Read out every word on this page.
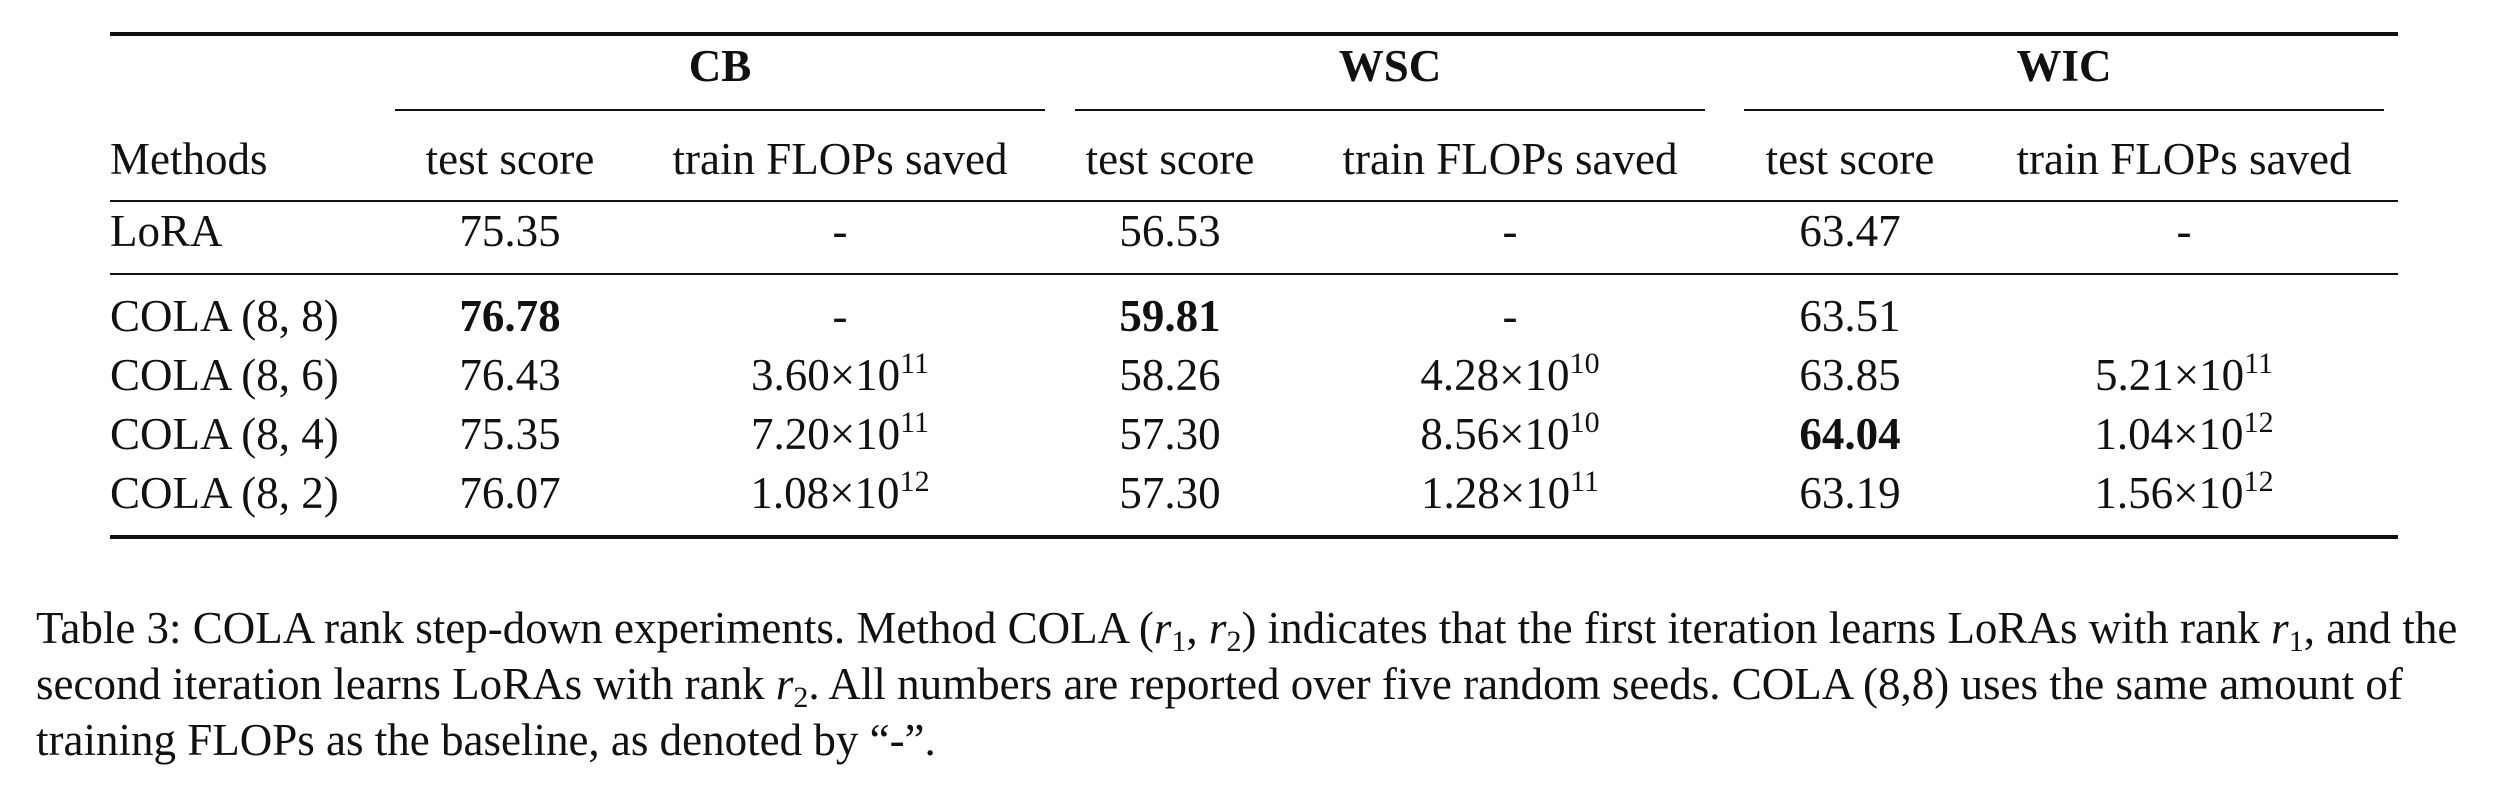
	CB		WSC		WIC	

Methods	test score	train FLOPs saved	test score	train FLOPs saved	test score	train FLOPs saved
LoRA	75.35	-	56.53	-	63.47	-
COLA (8, 8)	76.78	-	59.81	-	63.51	
COLA (8, 6)	76.43	$3.60\times 10^{11}$	58.26	$4.28\times 10^{10}$	63.85	$5.21\times 10^{11}$
COLA (8, 4)	75.35	$7.20\times 10^{11}$	57.30	$8.56\times 10^{10}$	64.04	$1.04\times 10^{12}$
COLA (8, 2)	76.07	$1.08\times 10^{12}$	57.30	$1.28\times 10^{11}$	63.19	$1.56\times 10^{12}$
Table 3: COLA rank step-down experiments. Method COLA ($r_1$, $r_2$) indicates that the first iteration learns LoRAs with rank $r_1$, and the second iteration learns LoRAs with rank $r_2$. All numbers are reported over five random seeds. COLA (8,8) uses the same amount of training FLOPs as the baseline, as denoted by “-”.
